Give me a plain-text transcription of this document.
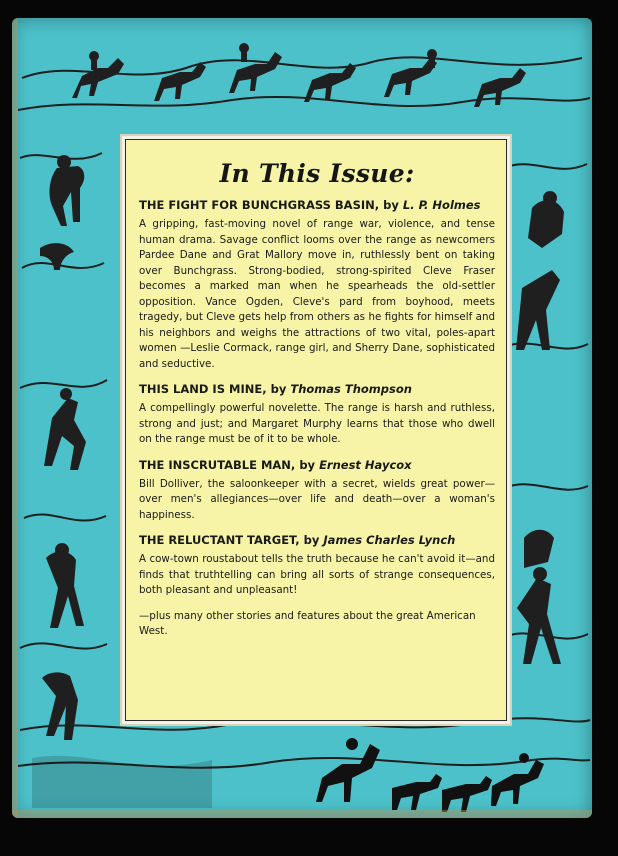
In This Issue:
THE FIGHT FOR BUNCHGRASS BASIN, by L. P. Holmes

A gripping, fast-moving novel of range war, violence, and tense human drama. Savage conflict looms over the range as newcomers Pardee Dane and Grat Mallory move in, ruthlessly bent on taking over Bunchgrass. Strong-bodied, strong-spirited Cleve Fraser becomes a marked man when he spearheads the old-settler opposition. Vance Ogden, Cleve's pard from boyhood, meets tragedy, but Cleve gets help from others as he fights for himself and his neighbors and weighs the attractions of two vital, poles-apart women —Leslie Cormack, range girl, and Sherry Dane, sophisticated and seductive.

THIS LAND IS MINE, by Thomas Thompson

A compellingly powerful novelette. The range is harsh and ruthless, strong and just; and Margaret Murphy learns that those who dwell on the range must be of it to be whole.

THE INSCRUTABLE MAN, by Ernest Haycox

Bill Dolliver, the saloonkeeper with a secret, wields great power—over men's allegiances—over life and death—over a woman's happiness.

THE RELUCTANT TARGET, by James Charles Lynch

A cow-town roustabout tells the truth because he can't avoid it—and finds that truthtelling can bring all sorts of strange consequences, both pleasant and unpleasant!

—plus many other stories and features about the great American West.
